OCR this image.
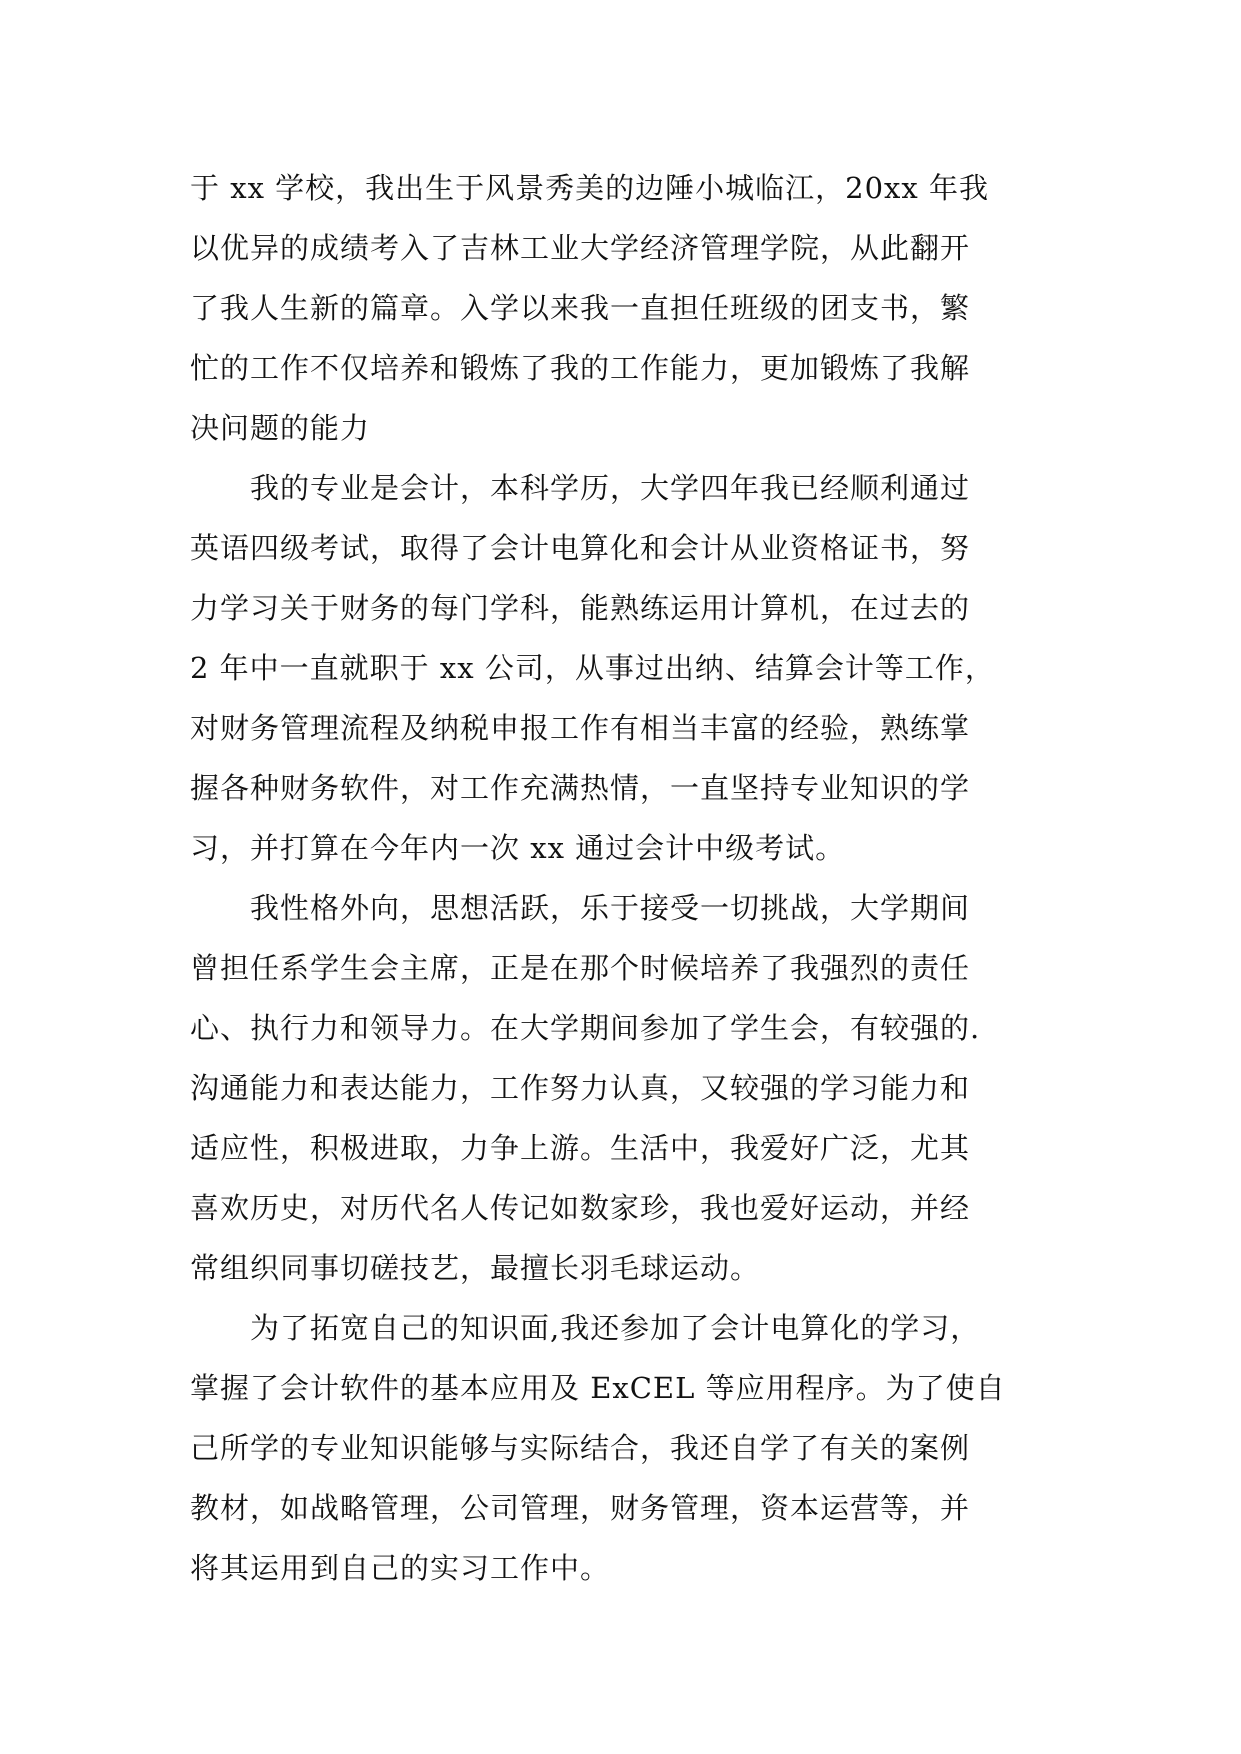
于 xx 学校，我出生于风景秀美的边陲小城临江，20xx 年我
以优异的成绩考入了吉林工业大学经济管理学院，从此翻开
了我人生新的篇章。入学以来我一直担任班级的团支书，繁
忙的工作不仅培养和锻炼了我的工作能力，更加锻炼了我解
决问题的能力
我的专业是会计，本科学历，大学四年我已经顺利通过
英语四级考试，取得了会计电算化和会计从业资格证书，努
力学习关于财务的每门学科，能熟练运用计算机，在过去的
2 年中一直就职于 xx 公司，从事过出纳、结算会计等工作，
对财务管理流程及纳税申报工作有相当丰富的经验，熟练掌
握各种财务软件，对工作充满热情，一直坚持专业知识的学
习，并打算在今年内一次 xx 通过会计中级考试。
我性格外向，思想活跃，乐于接受一切挑战，大学期间
曾担任系学生会主席，正是在那个时候培养了我强烈的责任
心、执行力和领导力。在大学期间参加了学生会，有较强的.
沟通能力和表达能力，工作努力认真，又较强的学习能力和
适应性，积极进取，力争上游。生活中，我爱好广泛，尤其
喜欢历史，对历代名人传记如数家珍，我也爱好运动，并经
常组织同事切磋技艺，最擅长羽毛球运动。
为了拓宽自己的知识面,我还参加了会计电算化的学习，
掌握了会计软件的基本应用及 ExCEL 等应用程序。为了使自
己所学的专业知识能够与实际结合，我还自学了有关的案例
教材，如战略管理，公司管理，财务管理，资本运营等，并
将其运用到自己的实习工作中。
